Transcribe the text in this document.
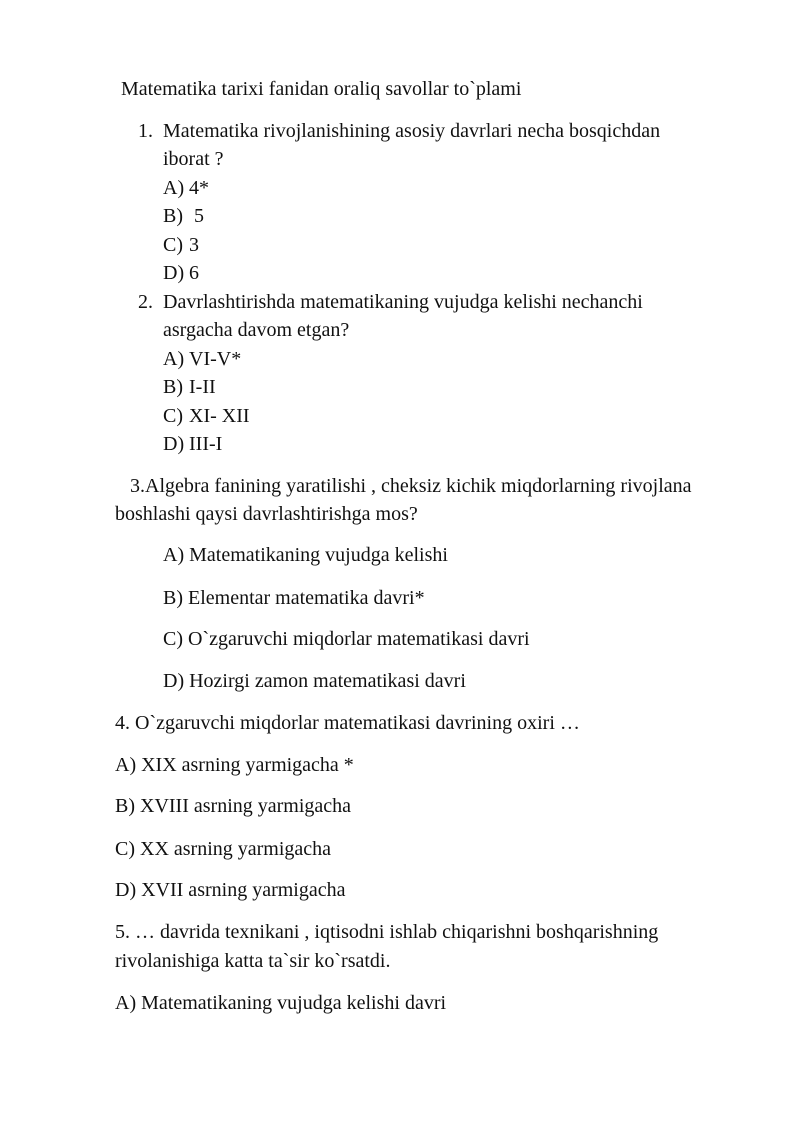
Matematika tarixi fanidan oraliq savollar to`plami
1. Matematika rivojlanishining asosiy davrlari necha bosqichdan
iborat ?
A) 4*
B) 5
C) 3
D) 6
2. Davrlashtirishda matematikaning vujudga kelishi nechanchi
asrgacha davom etgan?
A) VI-V*
B) I-II
C) XI- XII
D) III-I
3.Algebra fanining yaratilishi , cheksiz kichik miqdorlarning rivojlana
boshlashi qaysi davrlashtirishga mos?
A) Matematikaning vujudga kelishi
B) Elementar matematika davri*
C) O`zgaruvchi miqdorlar matematikasi davri
D) Hozirgi zamon matematikasi davri
4. O`zgaruvchi miqdorlar matematikasi davrining oxiri …
A) XIX asrning yarmigacha *
B) XVIII asrning yarmigacha
C) XX asrning yarmigacha
D) XVII asrning yarmigacha
5. … davrida texnikani , iqtisodni ishlab chiqarishni boshqarishning
rivolanishiga katta ta`sir ko`rsatdi.
A) Matematikaning vujudga kelishi davri
